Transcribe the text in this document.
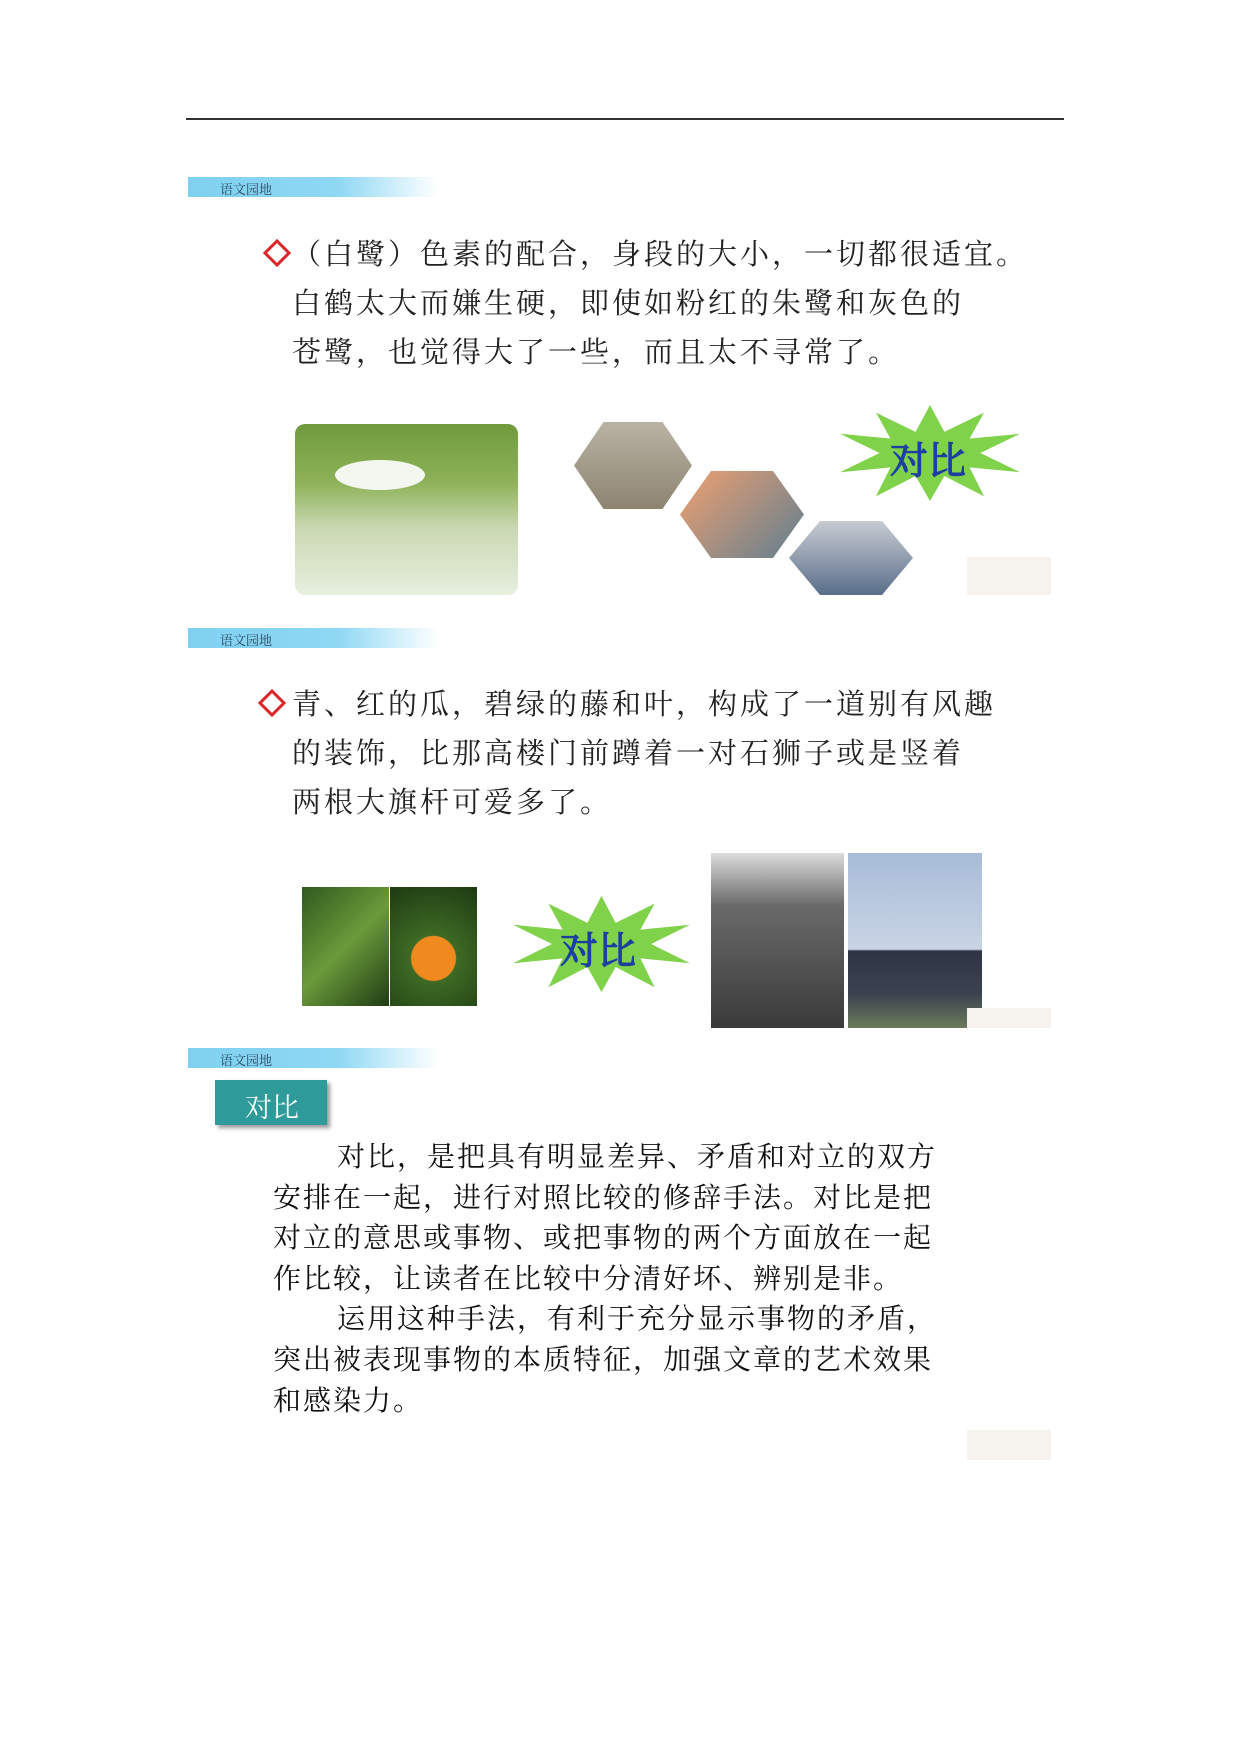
语文园地
（白鹭）色素的配合，身段的大小，一切都很适宜。
白鹤太大而嫌生硬，即使如粉红的朱鹭和灰色的
苍鹭，也觉得大了一些，而且太不寻常了。
对比
语文园地
青、红的瓜，碧绿的藤和叶，构成了一道别有风趣
的装饰，比那高楼门前蹲着一对石狮子或是竖着
两根大旗杆可爱多了。
对比
语文园地
对比

对比，是把具有明显差异、矛盾和对立的双方安排在一起，进行对照比较的修辞手法。对比是把对立的意思或事物、或把事物的两个方面放在一起作比较，让读者在比较中分清好坏、辨别是非。

运用这种手法，有利于充分显示事物的矛盾，突出被表现事物的本质特征，加强文章的艺术效果和感染力。
